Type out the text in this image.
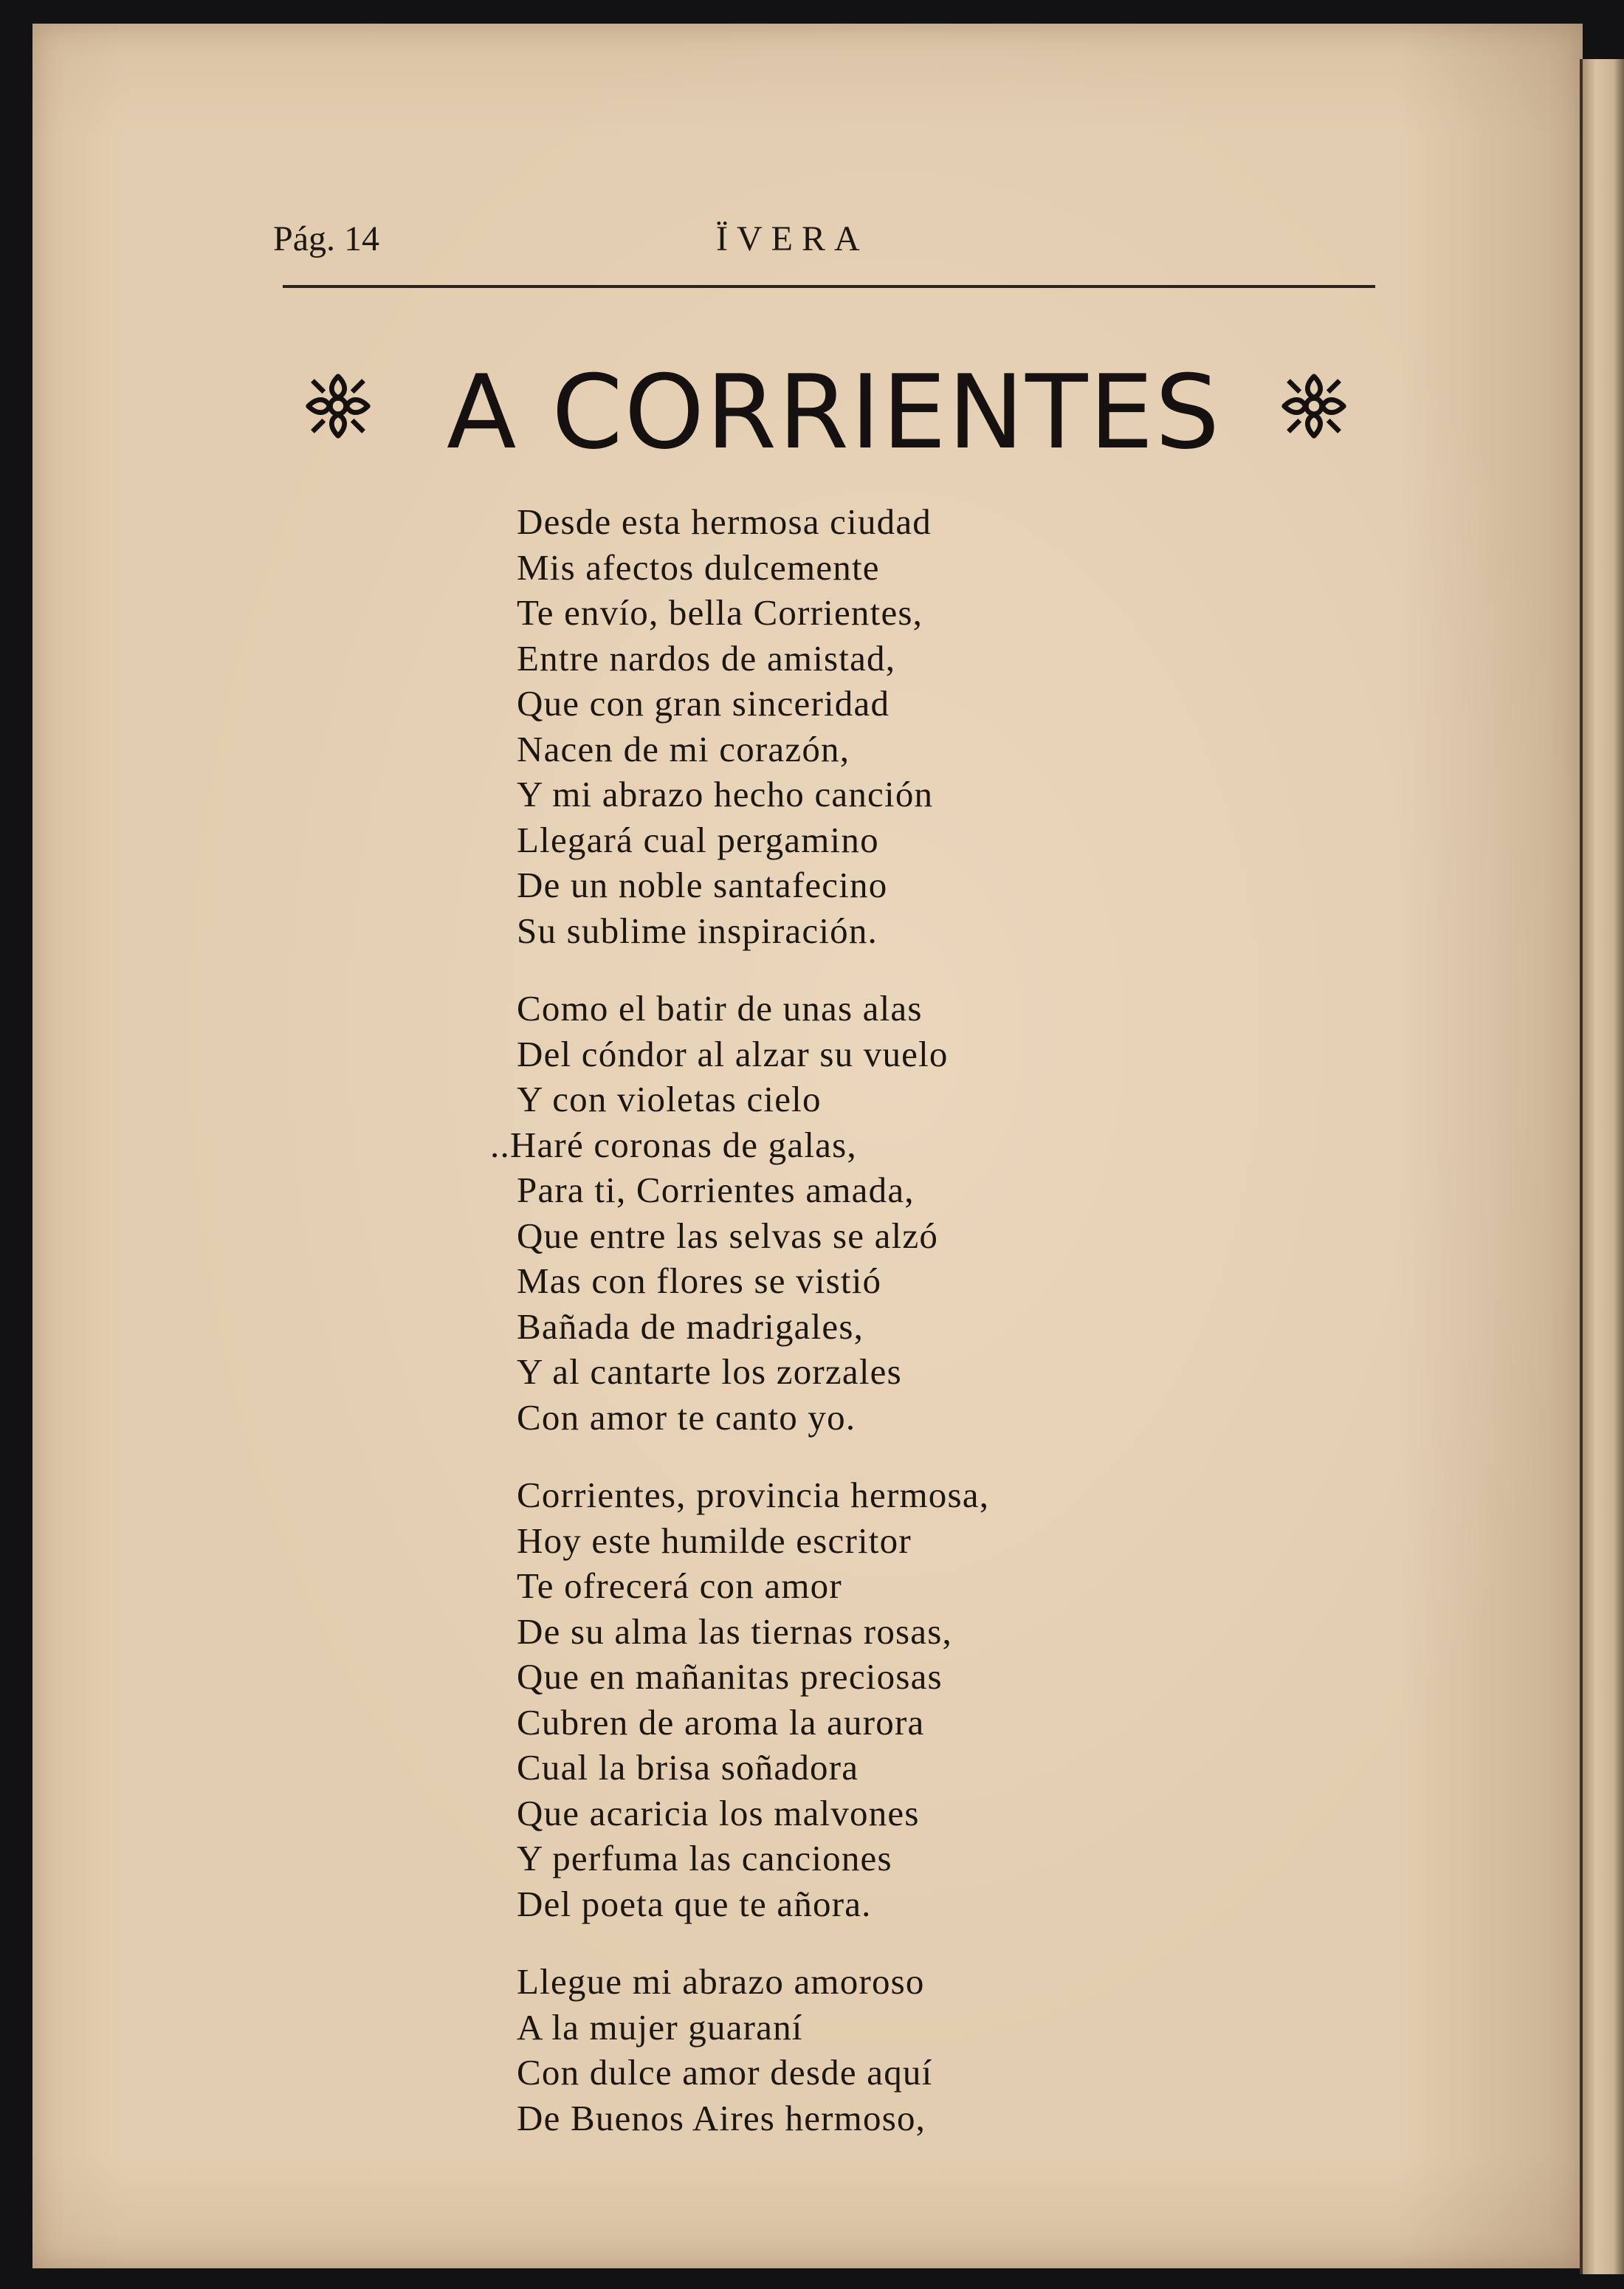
Pág. 14	ÏVERA
A CORRIENTES
Desde esta hermosa ciudad
Mis afectos dulcemente
Te envío, bella Corrientes,
Entre nardos de amistad,
Que con gran sinceridad
Nacen de mi corazón,
Y mi abrazo hecho canción
Llegará cual pergamino
De un noble santafecino
Su sublime inspiración.
Como el batir de unas alas
Del cóndor al alzar su vuelo
Y con violetas cielo
..Haré coronas de galas,
Para ti, Corrientes amada,
Que entre las selvas se alzó
Mas con flores se vistió
Bañada de madrigales,
Y al cantarte los zorzales
Con amor te canto yo.
Corrientes, provincia hermosa,
Hoy este humilde escritor
Te ofrecerá con amor
De su alma las tiernas rosas,
Que en mañanitas preciosas
Cubren de aroma la aurora
Cual la brisa soñadora
Que acaricia los malvones
Y perfuma las canciones
Del poeta que te añora.
Llegue mi abrazo amoroso
A la mujer guaraní
Con dulce amor desde aquí
De Buenos Aires hermoso,
